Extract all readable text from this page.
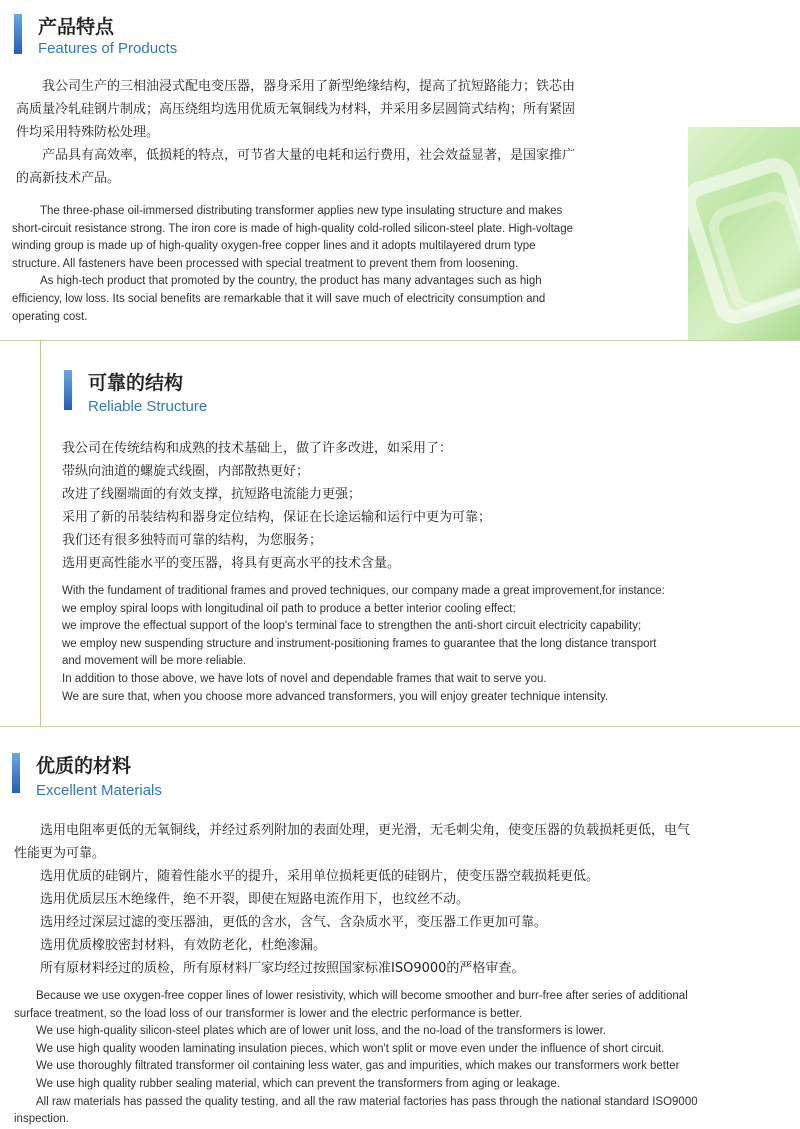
产品特点
Features of Products

我公司生产的三相油浸式配电变压器，器身采用了新型绝缘结构，提高了抗短路能力；铁芯由

高质量冷轧硅钢片制成；高压绕组均选用优质无氧铜线为材料，并采用多层圆筒式结构；所有紧固

件均采用特殊防松处理。

产品具有高效率，低损耗的特点，可节省大量的电耗和运行费用，社会效益显著，是国家推广

的高新技术产品。

The three-phase oil-immersed distributing transformer applies new type insulating structure and makes

short-circuit resistance strong. The iron core is made of high-quality cold-rolled silicon-steel plate. High-voltage

winding group is made up of high-quality oxygen-free copper lines and it adopts multilayered drum type

structure. All fasteners have been processed with special treatment to prevent them from loosening.

As high-tech product that promoted by the country, the product has many advantages such as high

efficiency, low loss. Its social benefits are remarkable that it will save much of electricity consumption and

operating cost.

可靠的结构
Reliable Structure

我公司在传统结构和成熟的技术基础上，做了许多改进，如采用了：

带纵向油道的螺旋式线圈，内部散热更好；

改进了线圈端面的有效支撑，抗短路电流能力更强；

采用了新的吊装结构和器身定位结构，保证在长途运输和运行中更为可靠；

我们还有很多独特而可靠的结构，为您服务；

选用更高性能水平的变压器，将具有更高水平的技术含量。

With the fundament of traditional frames and proved techniques, our company made a great improvement,for instance:

we employ spiral loops with longitudinal oil path to produce a better interior cooling effect;

we improve the effectual support of the loop's terminal face to strengthen the anti-short circuit electricity capability;

we employ new suspending structure and instrument-positioning frames to guarantee that the long distance transport

and movement will be more reliable.

In addition to those above, we have lots of novel and dependable frames that wait to serve you.

We are sure that, when you choose more advanced transformers, you will enjoy greater technique intensity.

优质的材料
Excellent Materials

选用电阻率更低的无氧铜线，并经过系列附加的表面处理，更光滑，无毛刺尖角，使变压器的负载损耗更低，电气

性能更为可靠。

选用优质的硅钢片，随着性能水平的提升，采用单位损耗更低的硅钢片，使变压器空载损耗更低。

选用优质层压木绝缘件，绝不开裂，即使在短路电流作用下，也纹丝不动。

选用经过深层过滤的变压器油，更低的含水，含气、含杂质水平，变压器工作更加可靠。

选用优质橡胶密封材料，有效防老化，杜绝渗漏。

所有原材料经过的质检，所有原材料厂家均经过按照国家标准ISO9000的严格审查。

Because we use oxygen-free copper lines of lower resistivity, which will become smoother and burr-free after series of additional

surface treatment, so the load loss of our transformer is lower and the electric performance is better.

We use high-quality silicon-steel plates which are of lower unit loss, and the no-load of the transformers is lower.

We use high quality wooden laminating insulation pieces, which won't split or move even under the influence of short circuit.

We use thoroughly filtrated transformer oil containing less water, gas and impurities, which makes our transformers work better

We use high quality rubber sealing material, which can prevent the transformers from aging or leakage.

All raw materials has passed the quality testing, and all the raw material factories has pass through the national standard ISO9000

inspection.
